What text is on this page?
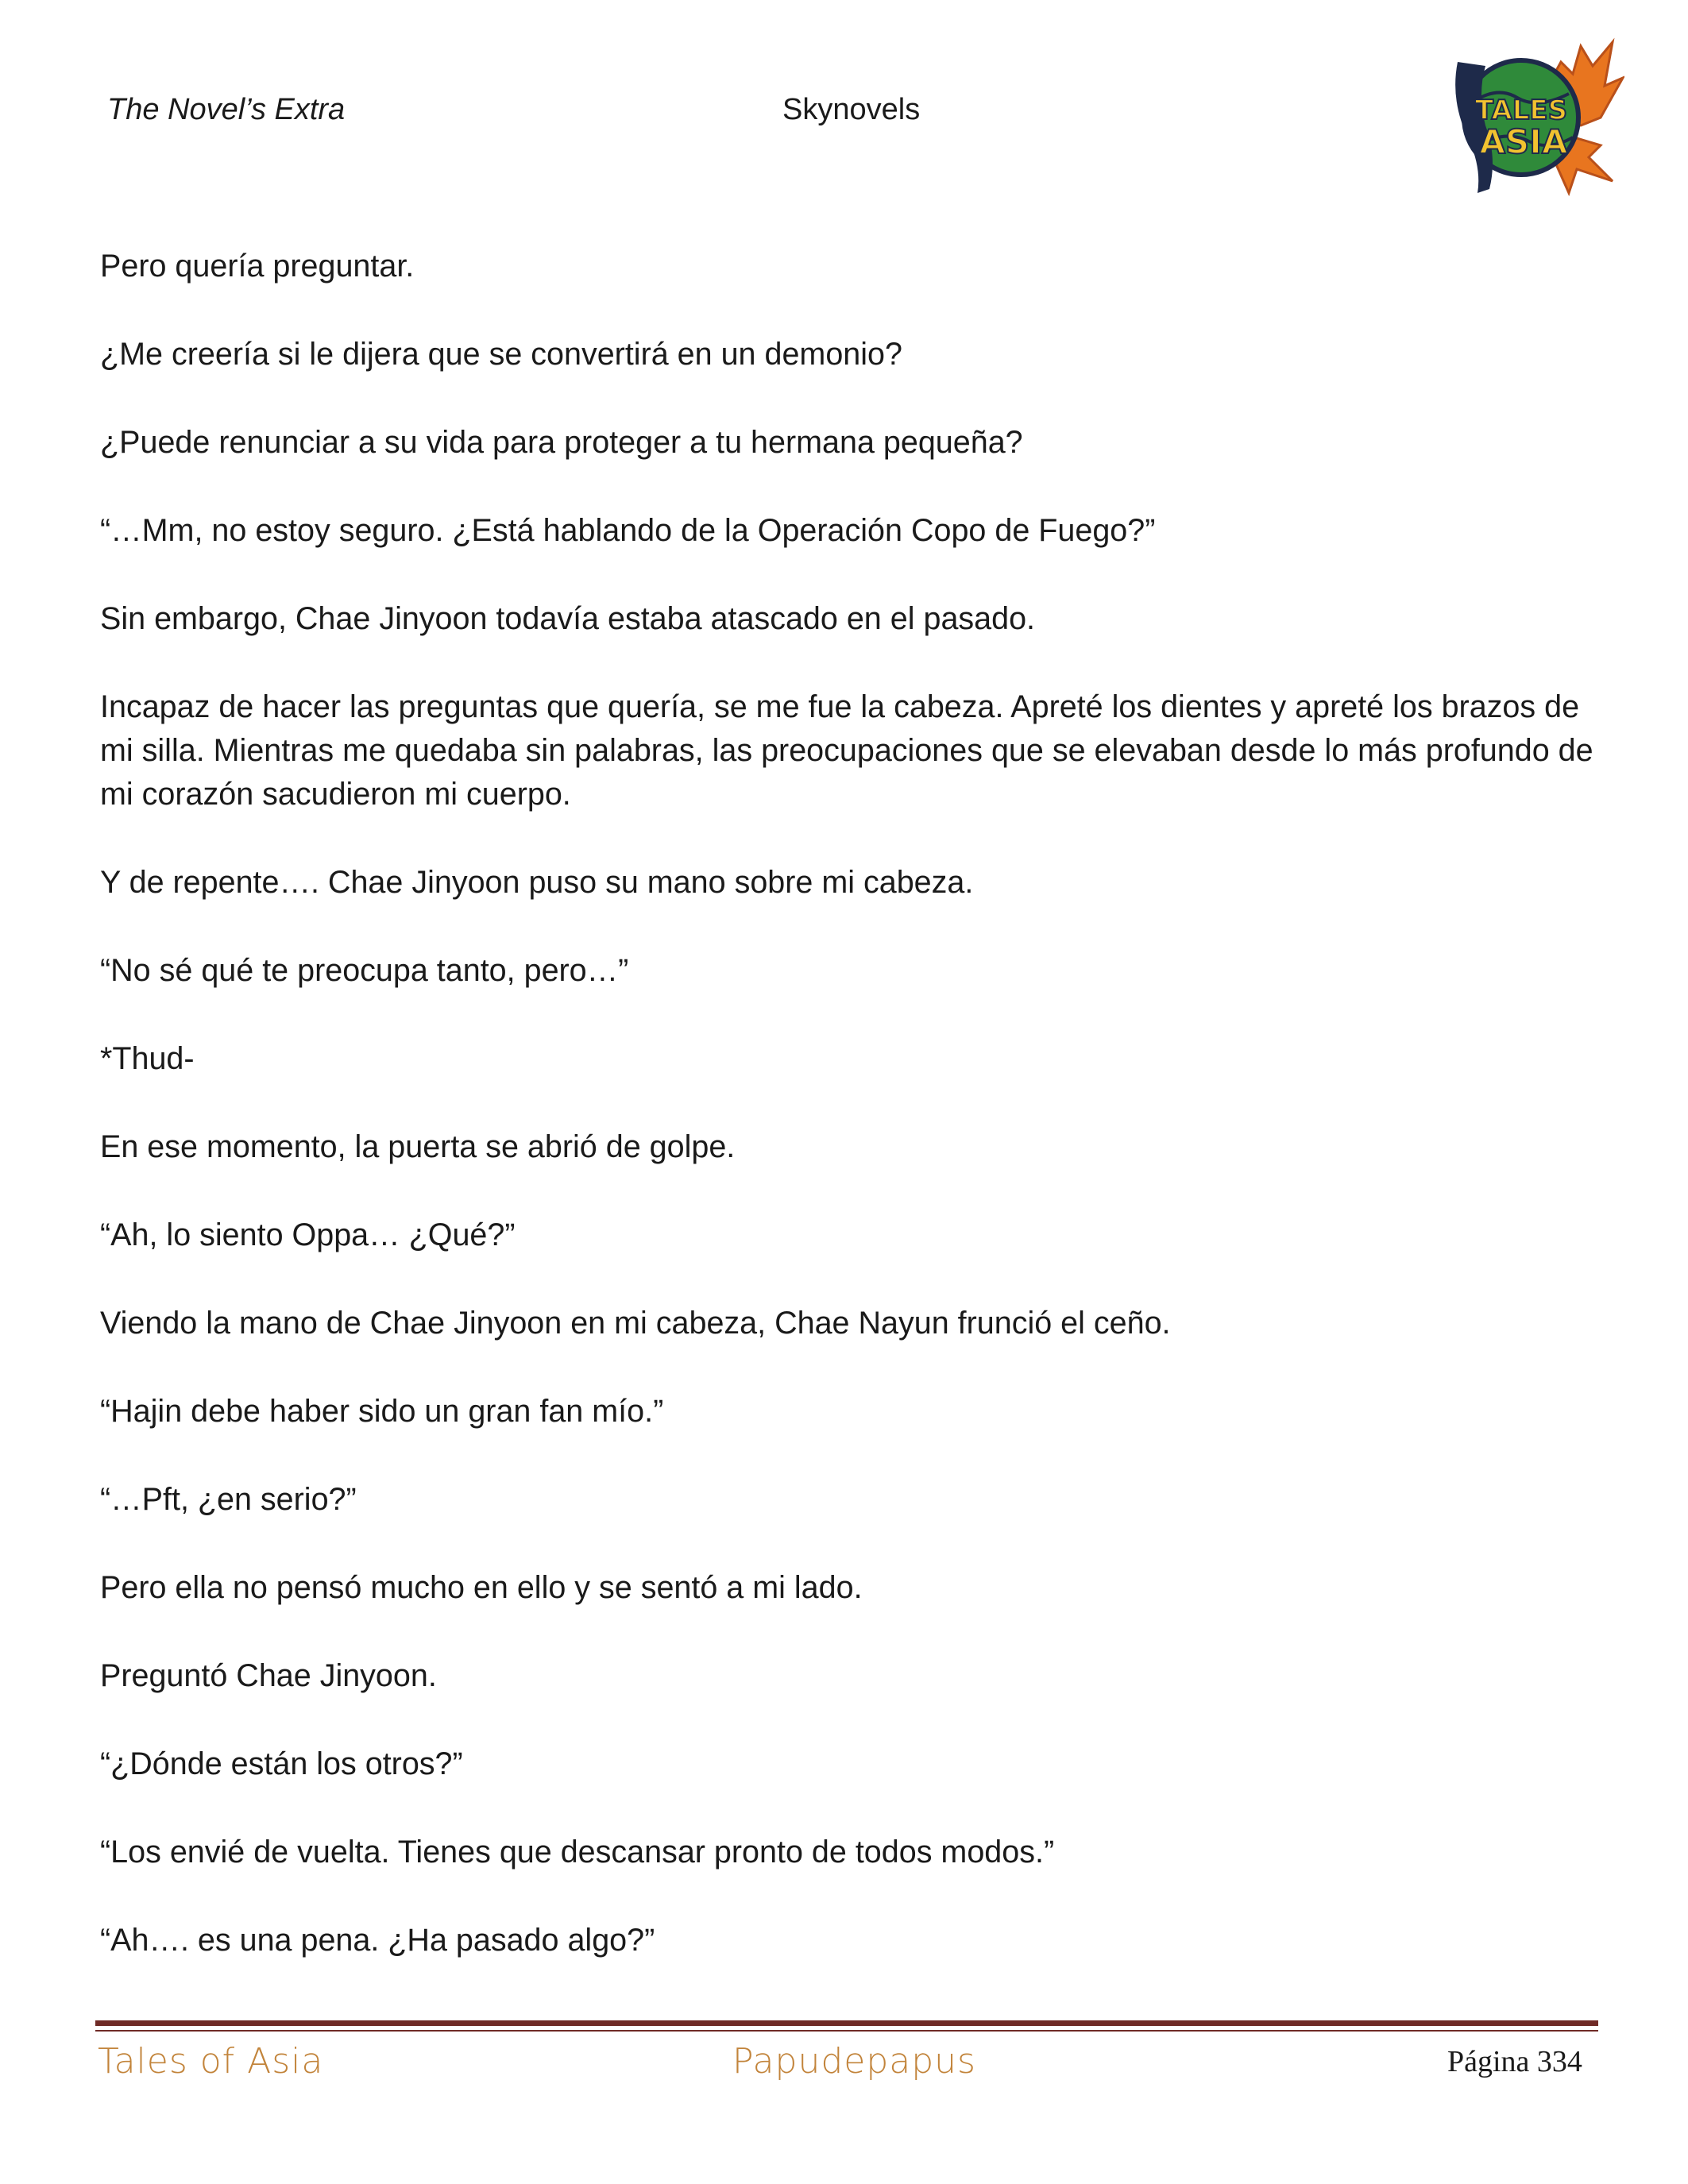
The Novel’s Extra	Skynovels	TALES
ASIA

Pero quería preguntar.

¿Me creería si le dijera que se convertirá en un demonio?

¿Puede renunciar a su vida para proteger a tu hermana pequeña?

“…Mm, no estoy seguro. ¿Está hablando de la Operación Copo de Fuego?”

Sin embargo, Chae Jinyoon todavía estaba atascado en el pasado.

Incapaz de hacer las preguntas que quería, se me fue la cabeza. Apreté los dientes y apreté los brazos de mi silla. Mientras me quedaba sin palabras, las preocupaciones que se elevaban desde lo más profundo de mi corazón sacudieron mi cuerpo.

Y de repente…. Chae Jinyoon puso su mano sobre mi cabeza.

“No sé qué te preocupa tanto, pero…”

*Thud-

En ese momento, la puerta se abrió de golpe.

“Ah, lo siento Oppa… ¿Qué?”

Viendo la mano de Chae Jinyoon en mi cabeza, Chae Nayun frunció el ceño.

“Hajin debe haber sido un gran fan mío.”

“…Pft, ¿en serio?”

Pero ella no pensó mucho en ello y se sentó a mi lado.

Preguntó Chae Jinyoon.

“¿Dónde están los otros?”

“Los envié de vuelta. Tienes que descansar pronto de todos modos.”

“Ah…. es una pena. ¿Ha pasado algo?”

Tales of Asia	Papudepapus	Página 334
